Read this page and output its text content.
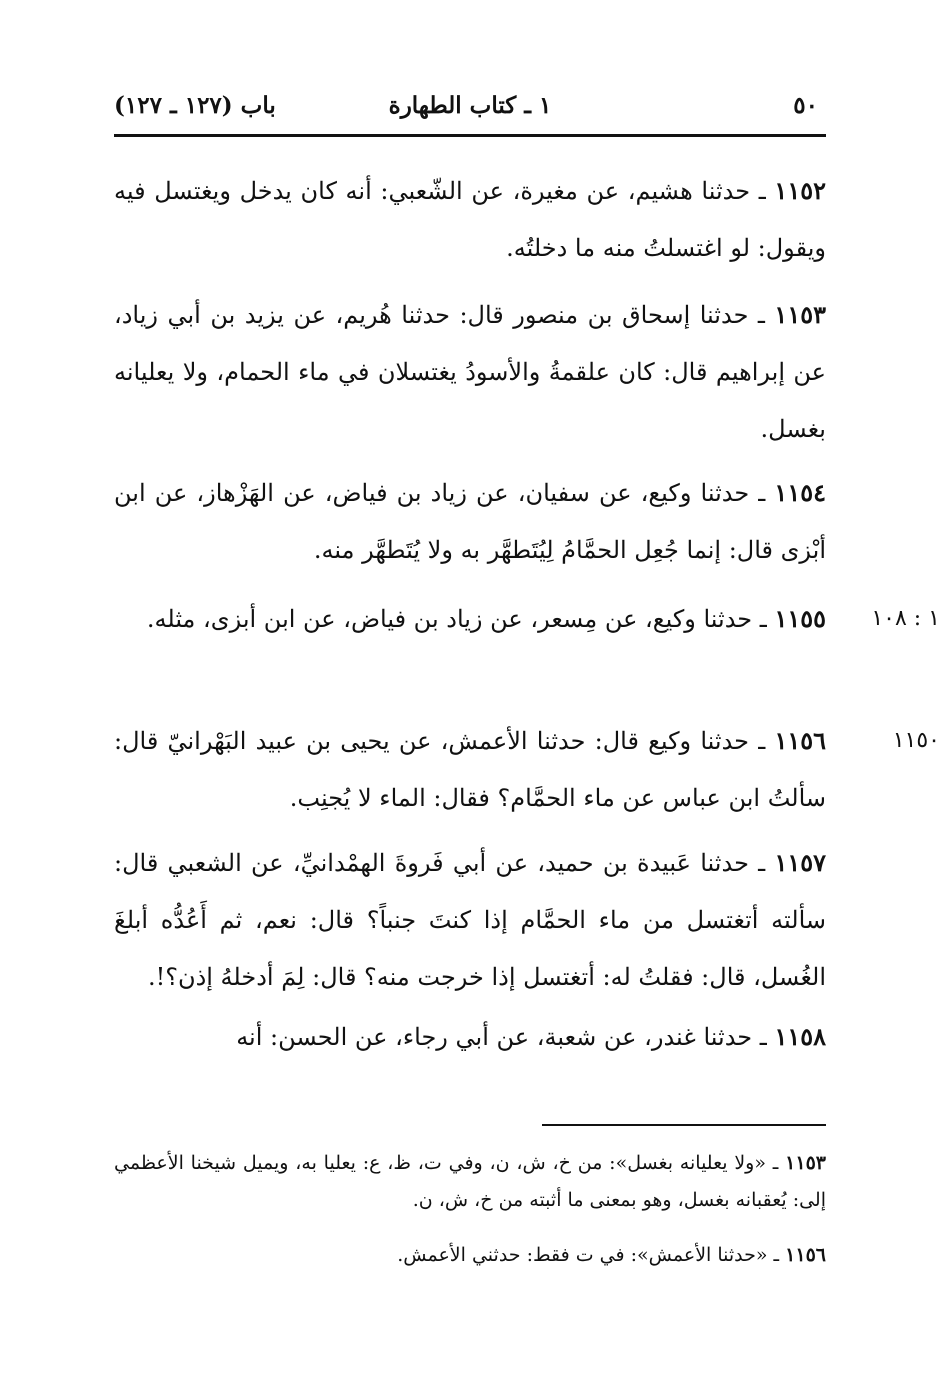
٥٠
١ ـ كتاب الطهارة
باب (١٢٧ ـ ١٢٧)
١١٥٢ ـ حدثنا هشيم، عن مغيرة، عن الشّعبي: أنه كان يدخل ويغتسل فيه ويقول: لو اغتسلتُ منه ما دخلتُه.
١١٥٣ ـ حدثنا إسحاق بن منصور قال: حدثنا هُريم، عن يزيد بن أبي زياد، عن إبراهيم قال: كان علقمةُ والأسودُ يغتسلان في ماء الحمام، ولا يعليانه بغسل.
١١٥٤ ـ حدثنا وكيع، عن سفيان، عن زياد بن فياض، عن الهَزْهاز، عن ابن أبْزى قال: إنما جُعِل الحمَّامُ لِيُتَطهَّر به ولا يُتَطهَّر منه.
١١٥٥ ـ حدثنا وكيع، عن مِسعر، عن زياد بن فياض، عن ابن أبزى، مثله.	١ : ١٠٨
١١٥٦ ـ حدثنا وكيع قال: حدثنا الأعمش، عن يحيى بن عبيد البَهْرانيّ قال: سألتُ ابن عباس عن ماء الحمَّام؟ فقال: الماء لا يُجنِب.
١١٥٠
١١٥٧ ـ حدثنا عَبيدة بن حميد، عن أبي فَروةَ الهمْدانيِّ، عن الشعبي قال: سألته أتغتسل من ماء الحمَّام إذا كنتَ جنباً؟ قال: نعم، ثم أَعُدُّه أبلغَ الغُسل، قال: فقلتُ له: أتغتسل إذا خرجت منه؟ قال: لِمَ أدخلهُ إذن؟!.
١١٥٨ ـ حدثنا غندر، عن شعبة، عن أبي رجاء، عن الحسن: أنه
١١٥٣ ـ «ولا يعليانه بغسل»: من خ، ش، ن، وفي ت، ظ، ع: يعليا به، ويميل شيخنا الأعظمي إلى: يُعقبانه بغسل، وهو بمعنى ما أثبته من خ، ش، ن.
١١٥٦ ـ «حدثنا الأعمش»: في ت فقط: حدثني الأعمش.
